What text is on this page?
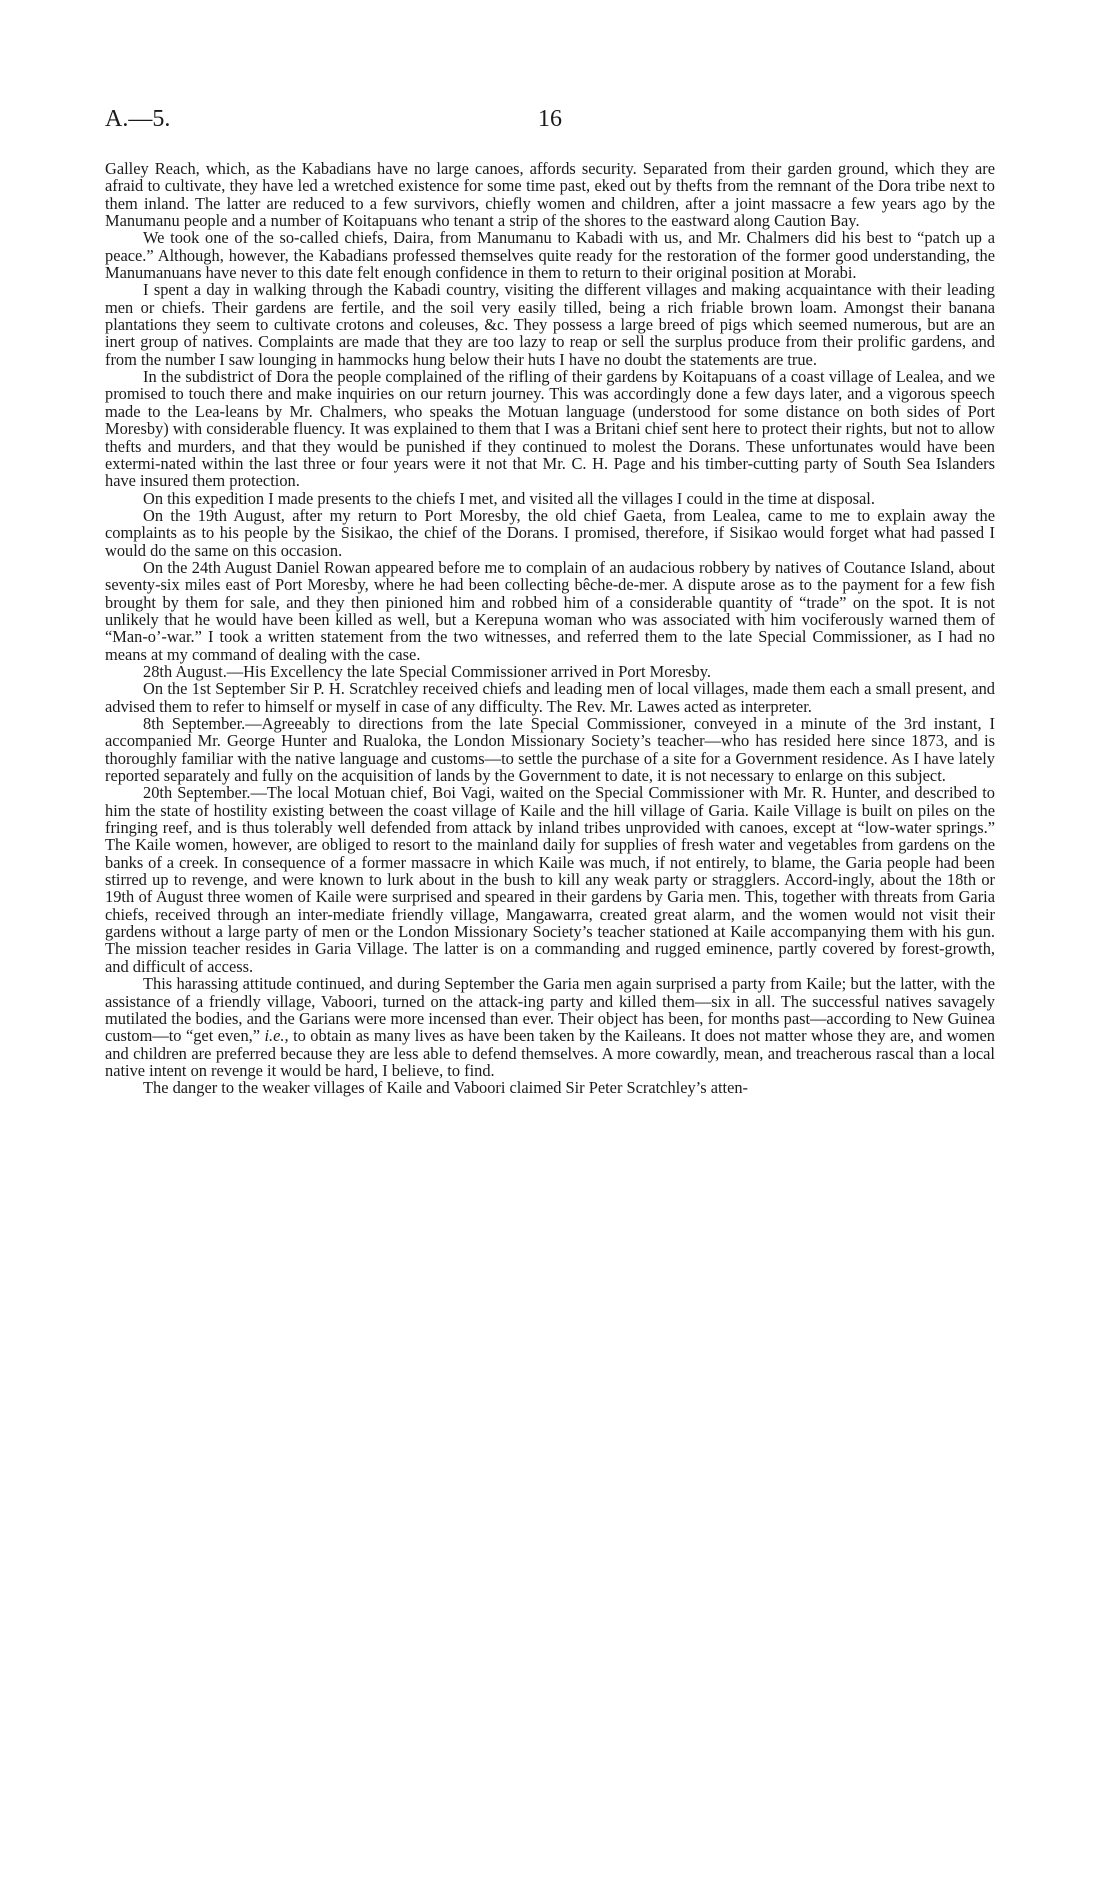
A.—5.	16

Galley Reach, which, as the Kabadians have no large canoes, affords security. Separated from their garden ground, which they are afraid to cultivate, they have led a wretched existence for some time past, eked out by thefts from the remnant of the Dora tribe next to them inland. The latter are reduced to a few survivors, chiefly women and children, after a joint massacre a few years ago by the Manumanu people and a number of Koitapuans who tenant a strip of the shores to the eastward along Caution Bay.

We took one of the so-called chiefs, Daira, from Manumanu to Kabadi with us, and Mr. Chalmers did his best to “patch up a peace.” Although, however, the Kabadians professed themselves quite ready for the restoration of the former good understanding, the Manumanuans have never to this date felt enough confidence in them to return to their original position at Morabi.

I spent a day in walking through the Kabadi country, visiting the different villages and making acquaintance with their leading men or chiefs. Their gardens are fertile, and the soil very easily tilled, being a rich friable brown loam. Amongst their banana plantations they seem to cultivate crotons and coleuses, &c. They possess a large breed of pigs which seemed numerous, but are an inert group of natives. Complaints are made that they are too lazy to reap or sell the surplus produce from their prolific gardens, and from the number I saw lounging in hammocks hung below their huts I have no doubt the statements are true.

In the subdistrict of Dora the people complained of the rifling of their gardens by Koitapuans of a coast village of Lealea, and we promised to touch there and make inquiries on our return journey. This was accordingly done a few days later, and a vigorous speech made to the Lea-leans by Mr. Chalmers, who speaks the Motuan language (understood for some distance on both sides of Port Moresby) with considerable fluency. It was explained to them that I was a Britani chief sent here to protect their rights, but not to allow thefts and murders, and that they would be punished if they continued to molest the Dorans. These unfortunates would have been extermi-nated within the last three or four years were it not that Mr. C. H. Page and his timber-cutting party of South Sea Islanders have insured them protection.

On this expedition I made presents to the chiefs I met, and visited all the villages I could in the time at disposal.

On the 19th August, after my return to Port Moresby, the old chief Gaeta, from Lealea, came to me to explain away the complaints as to his people by the Sisikao, the chief of the Dorans. I promised, therefore, if Sisikao would forget what had passed I would do the same on this occasion.

On the 24th August Daniel Rowan appeared before me to complain of an audacious robbery by natives of Coutance Island, about seventy-six miles east of Port Moresby, where he had been collecting bêche-de-mer. A dispute arose as to the payment for a few fish brought by them for sale, and they then pinioned him and robbed him of a considerable quantity of “trade” on the spot. It is not unlikely that he would have been killed as well, but a Kerepuna woman who was associated with him vociferously warned them of “Man-o’-war.” I took a written statement from the two witnesses, and referred them to the late Special Commissioner, as I had no means at my command of dealing with the case.

28th August.—His Excellency the late Special Commissioner arrived in Port Moresby.

On the 1st September Sir P. H. Scratchley received chiefs and leading men of local villages, made them each a small present, and advised them to refer to himself or myself in case of any difficulty. The Rev. Mr. Lawes acted as interpreter.

8th September.—Agreeably to directions from the late Special Commissioner, conveyed in a minute of the 3rd instant, I accompanied Mr. George Hunter and Rualoka, the London Missionary Society’s teacher—who has resided here since 1873, and is thoroughly familiar with the native language and customs—to settle the purchase of a site for a Government residence. As I have lately reported separately and fully on the acquisition of lands by the Government to date, it is not necessary to enlarge on this subject.

20th September.—The local Motuan chief, Boi Vagi, waited on the Special Commissioner with Mr. R. Hunter, and described to him the state of hostility existing between the coast village of Kaile and the hill village of Garia. Kaile Village is built on piles on the fringing reef, and is thus tolerably well defended from attack by inland tribes unprovided with canoes, except at “low-water springs.” The Kaile women, however, are obliged to resort to the mainland daily for supplies of fresh water and vegetables from gardens on the banks of a creek. In consequence of a former massacre in which Kaile was much, if not entirely, to blame, the Garia people had been stirred up to revenge, and were known to lurk about in the bush to kill any weak party or stragglers. Accord-ingly, about the 18th or 19th of August three women of Kaile were surprised and speared in their gardens by Garia men. This, together with threats from Garia chiefs, received through an inter-mediate friendly village, Mangawarra, created great alarm, and the women would not visit their gardens without a large party of men or the London Missionary Society’s teacher stationed at Kaile accompanying them with his gun. The mission teacher resides in Garia Village. The latter is on a commanding and rugged eminence, partly covered by forest-growth, and difficult of access.

This harassing attitude continued, and during September the Garia men again surprised a party from Kaile; but the latter, with the assistance of a friendly village, Vaboori, turned on the attack-ing party and killed them—six in all. The successful natives savagely mutilated the bodies, and the Garians were more incensed than ever. Their object has been, for months past—according to New Guinea custom—to “get even,” i.e., to obtain as many lives as have been taken by the Kaileans. It does not matter whose they are, and women and children are preferred because they are less able to defend themselves. A more cowardly, mean, and treacherous rascal than a local native intent on revenge it would be hard, I believe, to find.

The danger to the weaker villages of Kaile and Vaboori claimed Sir Peter Scratchley’s atten-
